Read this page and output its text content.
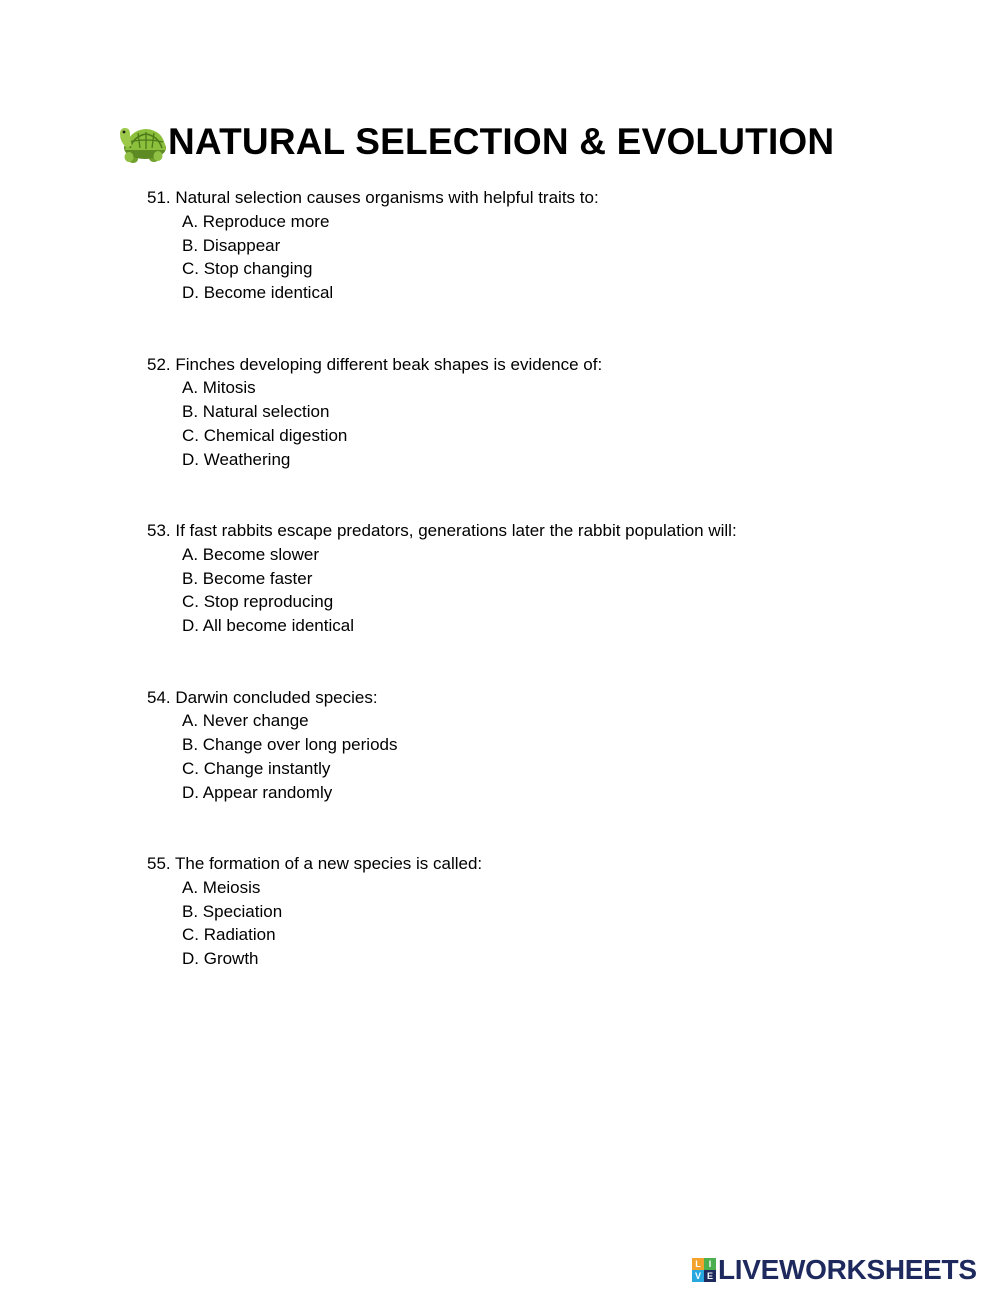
NATURAL SELECTION & EVOLUTION
51. Natural selection causes organisms with helpful traits to:
A. Reproduce more
B. Disappear
C. Stop changing
D. Become identical
52. Finches developing different beak shapes is evidence of:
A. Mitosis
B. Natural selection
C. Chemical digestion
D. Weathering
53. If fast rabbits escape predators, generations later the rabbit population will:
A. Become slower
B. Become faster
C. Stop reproducing
D. All become identical
54. Darwin concluded species:
A. Never change
B. Change over long periods
C. Change instantly
D. Appear randomly
55. The formation of a new species is called:
A. Meiosis
B. Speciation
C. Radiation
D. Growth
L I
V E LIVEWORKSHEETS
